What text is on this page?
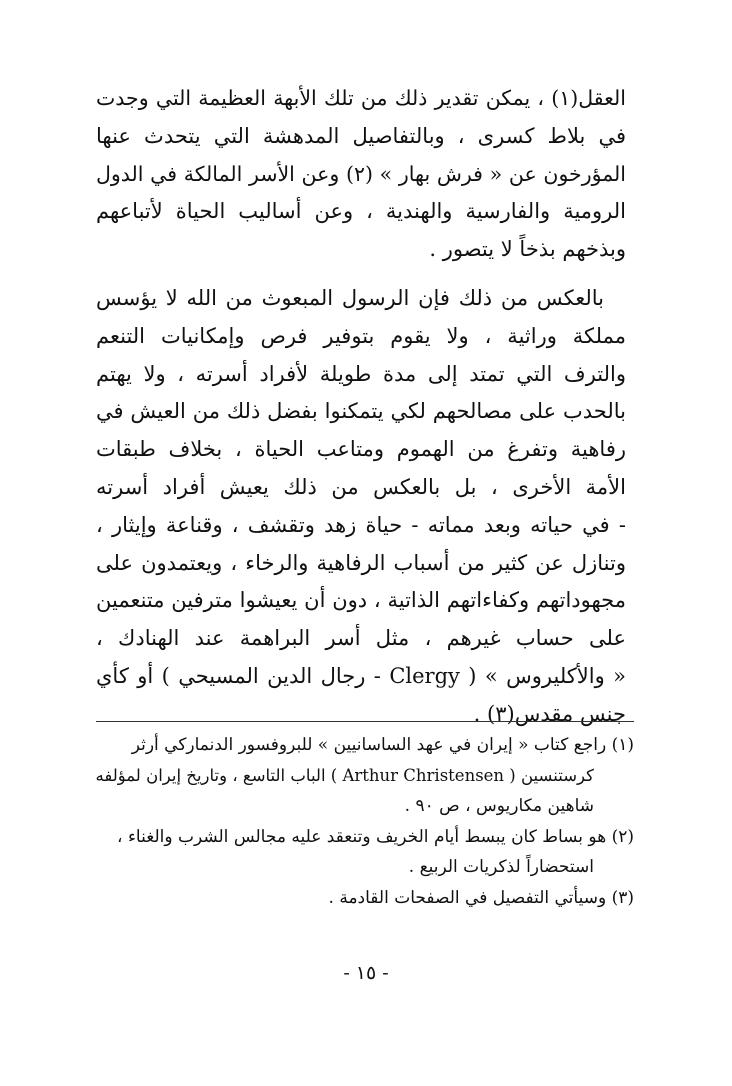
العقل(١) ، يمكن تقدير ذلك من تلك الأبهة العظيمة التي وجدت
في بلاط كسرى ، وبالتفاصيل المدهشة التي يتحدث عنها
المؤرخون عن « فرش بهار » (٢) وعن الأسر المالكة في الدول
الرومية والفارسية والهندية ، وعن أساليب الحياة لأتباعهم
وبذخهم بذخاً لا يتصور .
بالعكس من ذلك فإن الرسول المبعوث من الله لا يؤسس
مملكة وراثية ، ولا يقوم بتوفير فرص وإمكانيات التنعم
والترف التي تمتد إلى مدة طويلة لأفراد أسرته ، ولا يهتم
بالحدب على مصالحهم لكي يتمكنوا بفضل ذلك من العيش في
رفاهية وتفرغ من الهموم ومتاعب الحياة ، بخلاف طبقات
الأمة الأخرى ، بل بالعكس من ذلك يعيش أفراد أسرته
- في حياته وبعد مماته - حياة زهد وتقشف ، وقناعة وإيثار ،
وتنازل عن كثير من أسباب الرفاهية والرخاء ، ويعتمدون على
مجهوداتهم وكفاءاتهم الذاتية ، دون أن يعيشوا مترفين متنعمين
على حساب غيرهم ، مثل أسر البراهمة عند الهنادك ،
« والأكليروس » ( Clergy - رجال الدين المسيحي ) أو كأي
جنس مقدس(٣) .
(١) راجع كتاب « إيران في عهد الساسانيين » للبروفسور الدنماركي أرثر
كرستنسين ( Arthur Christensen ) الباب التاسع ، وتاريخ إيران لمؤلفه
شاهين مكاريوس ، ص ٩٠ .
(٢) هو بساط كان يبسط أيام الخريف وتنعقد عليه مجالس الشرب والغناء ،
استحضاراً لذكريات الربيع .
(٣) وسيأتي التفصيل في الصفحات القادمة .
- ١٥ -
